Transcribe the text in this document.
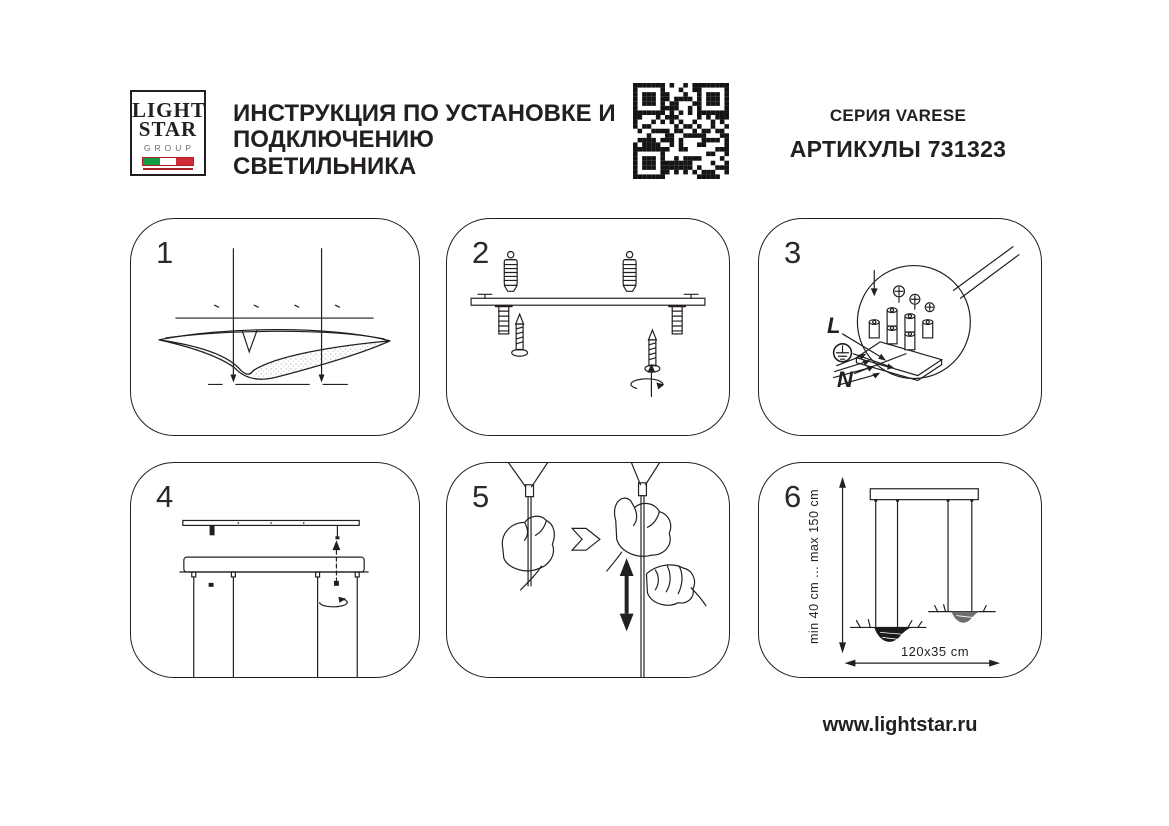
LIGHT
STAR
GROUP
ИНСТРУКЦИЯ ПО УСТАНОВКЕ И
ПОДКЛЮЧЕНИЮ СВЕТИЛЬНИКА
СЕРИЯ VARESE
АРТИКУЛЫ 731323
1	2
L
N
3
4	5	min 40 cm ... max 150 cm
120x35 cm
6
www.lightstar.ru
